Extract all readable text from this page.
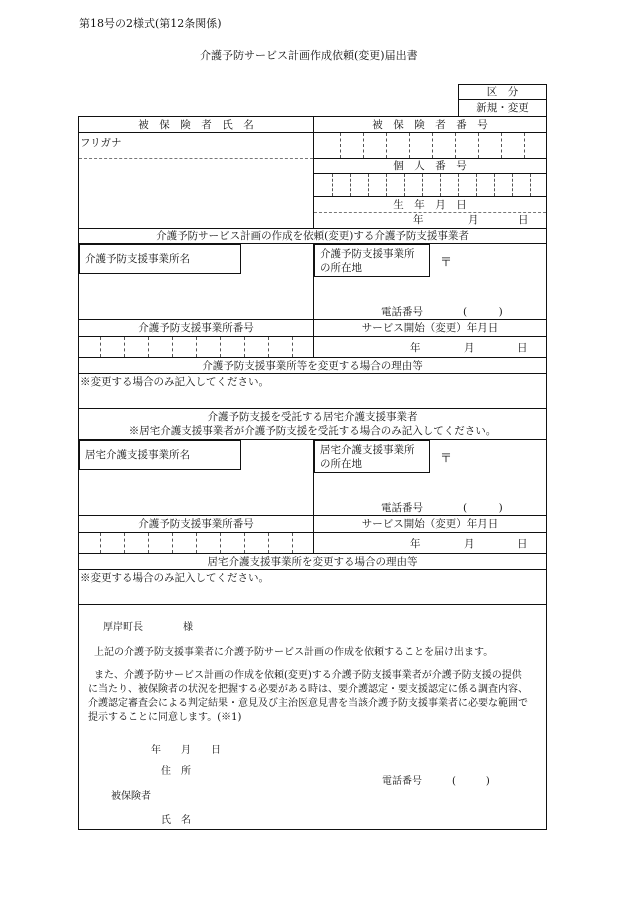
第18号の2様式(第12条関係)
介護予防サービス計画作成依頼(変更)届出書
区　分
新規・変更
被　保　険　者　氏　名	被　保　険　者　番　号
フリガナ
個　人　番　号
生　年　月　日
年	月	日
介護予防サービス計画の作成を依頼(変更)する介護予防支援事業者
介護予防支援事業所名	介護予防支援事業所
の所在地	〒
電話番号	(　　　)
介護予防支援事業所番号	サービス開始（変更）年月日
年	月	日
介護予防支援事業所等を変更する場合の理由等
※変更する場合のみ記入してください。
介護予防支援を受託する居宅介護支援事業者
※居宅介護支援事業者が介護予防支援を受託する場合のみ記入してください。
居宅介護支援事業所名	居宅介護支援事業所
の所在地	〒
電話番号	(　　　)
介護予防支援事業所番号	サービス開始（変更）年月日
年	月	日
居宅介護支援事業所を変更する場合の理由等
※変更する場合のみ記入してください。
厚岸町長	様
上記の介護予防支援事業者に介護予防サービス計画の作成を依頼することを届け出ます。
また、介護予防サービス計画の作成を依頼(変更)する介護予防支援事業者が介護予防支援の提供
に当たり、被保険者の状況を把握する必要がある時は、要介護認定・要支援認定に係る調査内容、
介護認定審査会による判定結果・意見及び主治医意見書を当該介護予防支援事業者に必要な範囲で
提示することに同意します。(※1)
年 月 日
住　所
電話番号	(　　　)
被保険者
氏　名
